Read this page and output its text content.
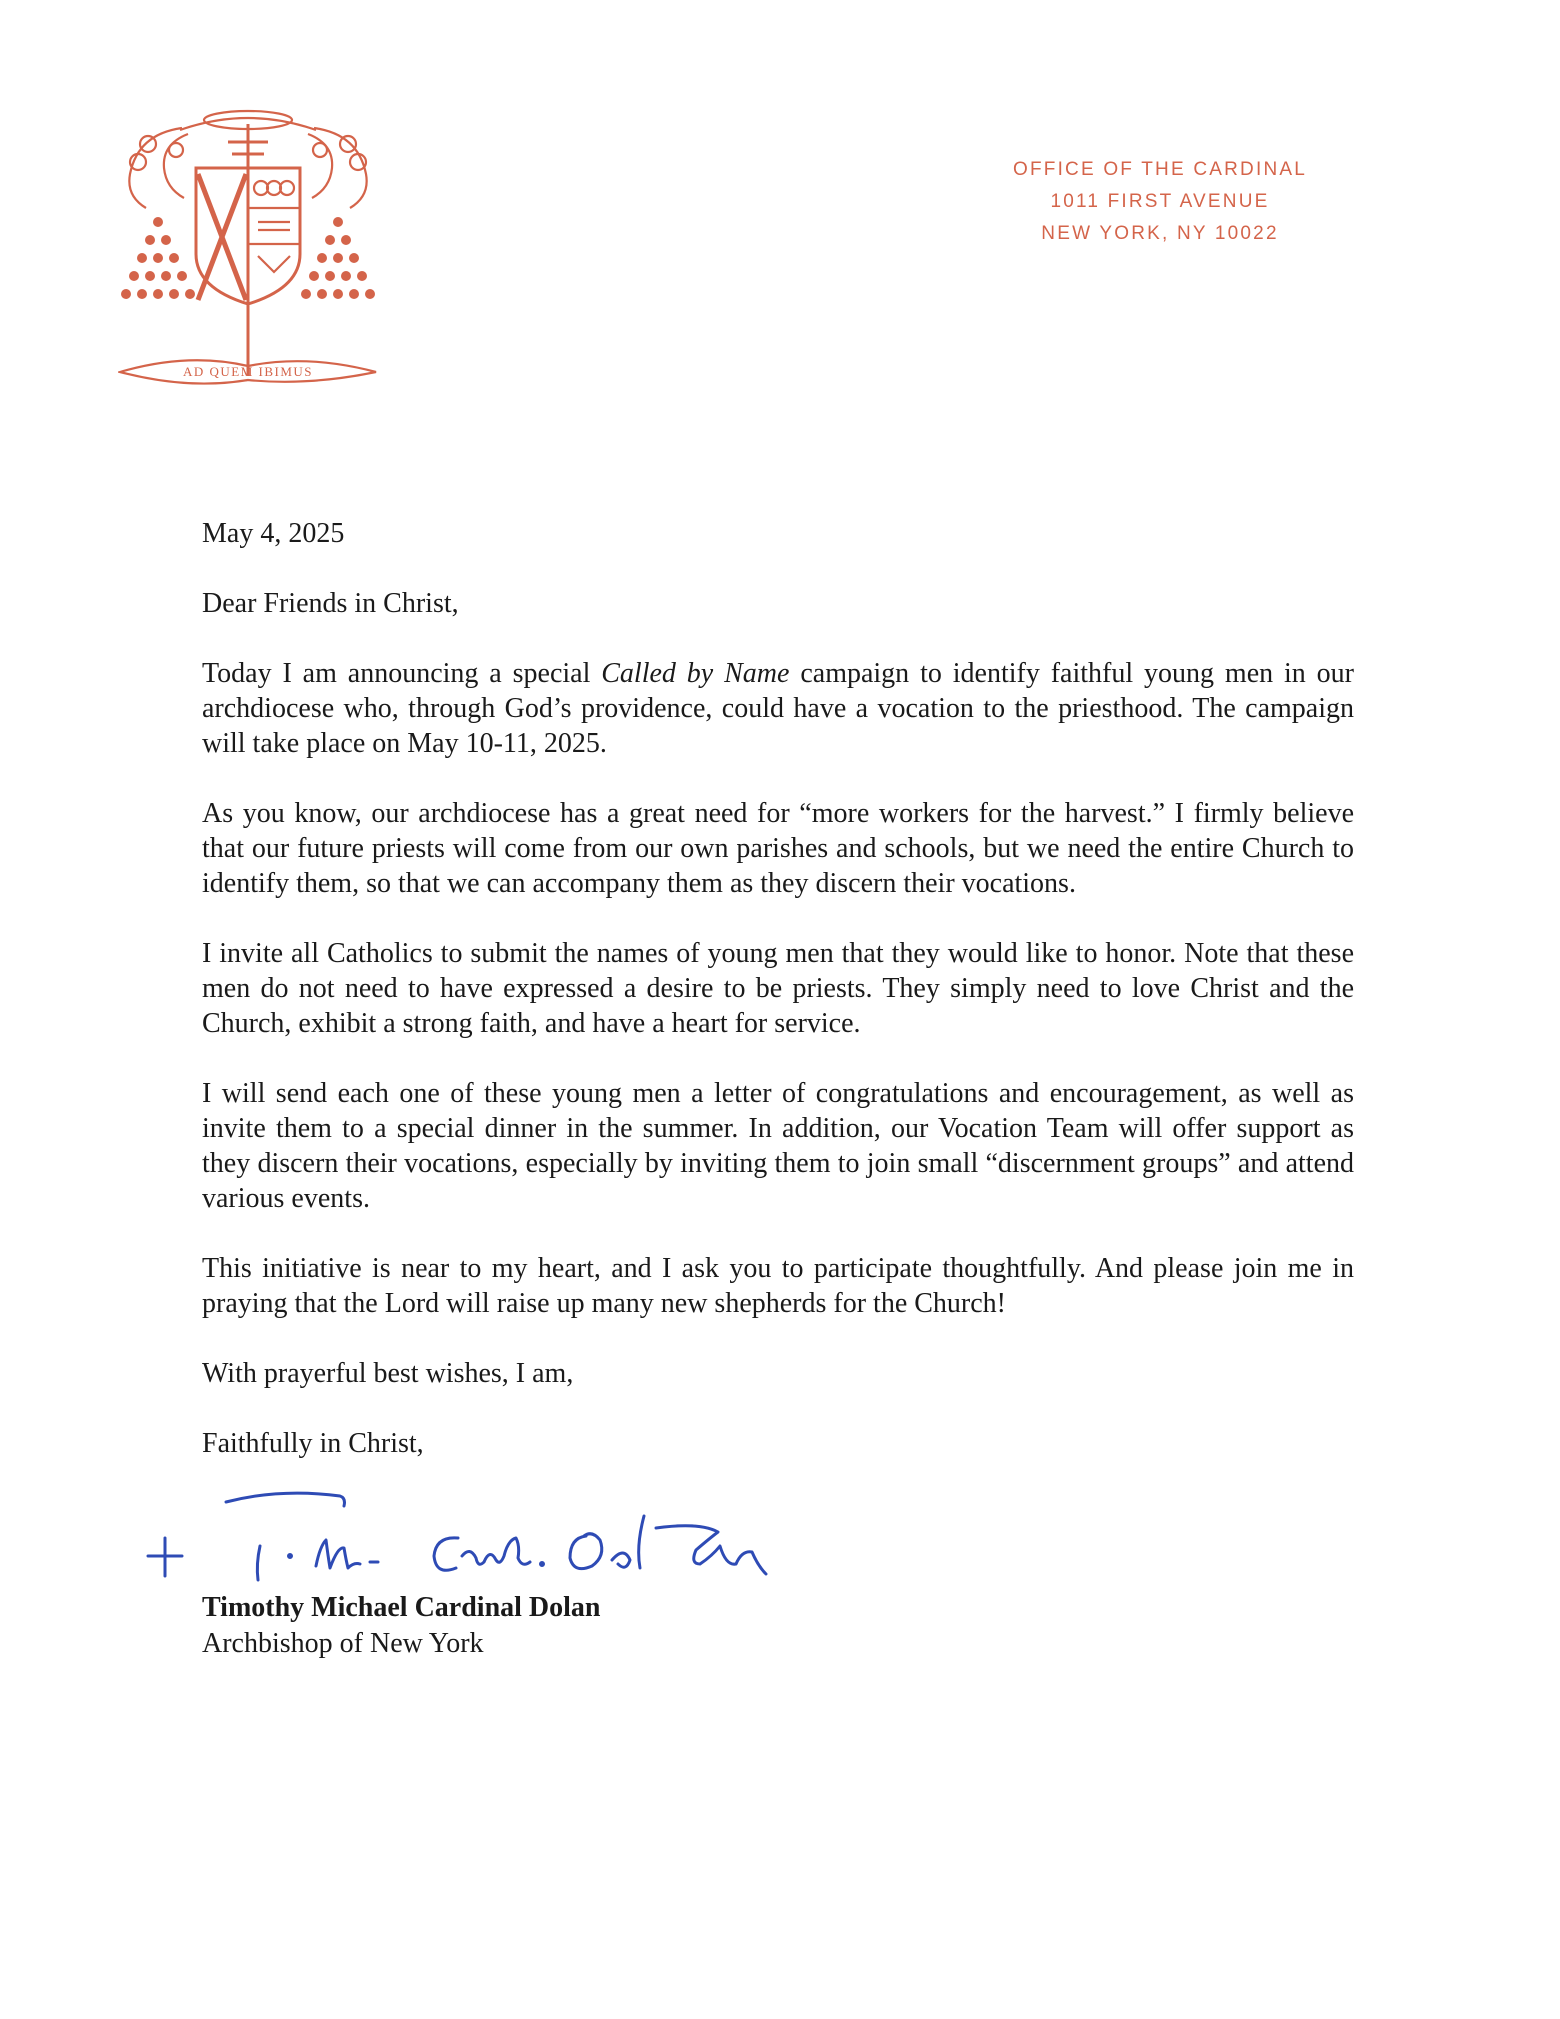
AD QUEM IBIMUS
OFFICE OF THE CARDINAL
1011 FIRST AVENUE
NEW YORK, NY 10022
May 4, 2025
Dear Friends in Christ,
Today I am announcing a special Called by Name campaign to identify faithful young men in our archdiocese who, through God’s providence, could have a vocation to the priesthood. The campaign will take place on May 10-11, 2025.
As you know, our archdiocese has a great need for “more workers for the harvest.” I firmly believe that our future priests will come from our own parishes and schools, but we need the entire Church to identify them, so that we can accompany them as they discern their vocations.
I invite all Catholics to submit the names of young men that they would like to honor. Note that these men do not need to have expressed a desire to be priests. They simply need to love Christ and the Church, exhibit a strong faith, and have a heart for service.
I will send each one of these young men a letter of congratulations and encouragement, as well as invite them to a special dinner in the summer. In addition, our Vocation Team will offer support as they discern their vocations, especially by inviting them to join small “discernment groups” and attend various events.
This initiative is near to my heart, and I ask you to participate thoughtfully. And please join me in praying that the Lord will raise up many new shepherds for the Church!
With prayerful best wishes, I am,
Faithfully in Christ,
Timothy Michael Cardinal Dolan
Archbishop of New York
